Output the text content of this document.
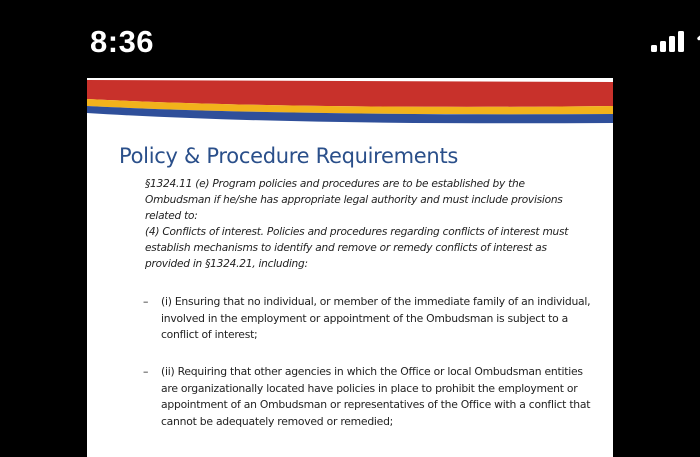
8:36
Policy & Procedure Requirements
§1324.11 (e) Program policies and procedures are to be established by the Ombudsman if he/she has appropriate legal authority and must include provisions related to:
(4) Conflicts of interest. Policies and procedures regarding conflicts of interest must establish mechanisms to identify and remove or remedy conflicts of interest as provided in §1324.21, including:
– (i) Ensuring that no individual, or member of the immediate family of an individual, involved in the employment or appointment of the Ombudsman is subject to a conflict of interest;
– (ii) Requiring that other agencies in which the Office or local Ombudsman entities are organizationally located have policies in place to prohibit the employment or appointment of an Ombudsman or representatives of the Office with a conflict that cannot be adequately removed or remedied;
